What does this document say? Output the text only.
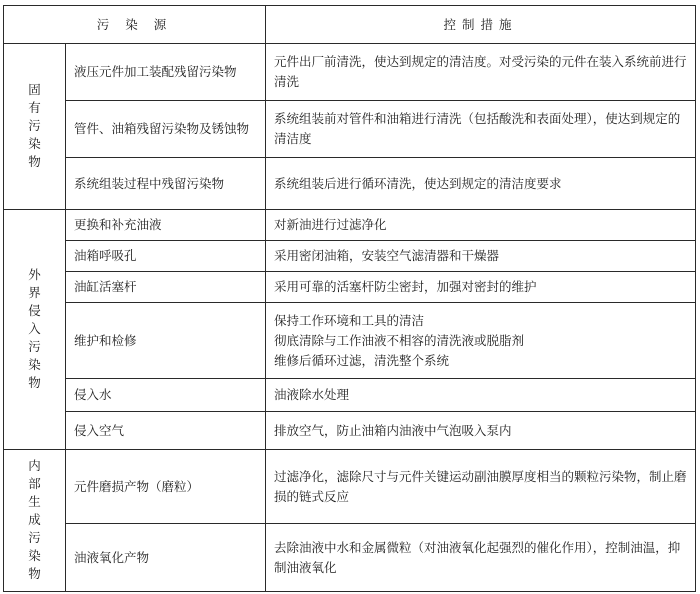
污 染 源		控制措施
固有污染物	液压元件加工装配残留污染物	元件出厂前清洗，使达到规定的清洁度。对受污染的元件在装入系统前进行清洗
	管件、油箱残留污染物及锈蚀物	系统组装前对管件和油箱进行清洗（包括酸洗和表面处理），使达到规定的清洁度
	系统组装过程中残留污染物	系统组装后进行循环清洗，使达到规定的清洁度要求
外界侵入污染物	更换和补充油液	对新油进行过滤净化
	油箱呼吸孔	采用密闭油箱，安装空气滤清器和干燥器
	油缸活塞杆	采用可靠的活塞杆防尘密封，加强对密封的维护
	维护和检修	保持工作环境和工具的清洁
彻底清除与工作油液不相容的清洗液或脱脂剂
维修后循环过滤，清洗整个系统

	侵入水	油液除水处理
	侵入空气	排放空气，防止油箱内油液中气泡吸入泵内
内部生成污染物	元件磨损产物（磨粒）	过滤净化，滤除尺寸与元件关键运动副油膜厚度相当的颗粒污染物，制止磨损的链式反应
	油液氧化产物	去除油液中水和金属微粒（对油液氧化起强烈的催化作用），控制油温，抑制油液氧化
